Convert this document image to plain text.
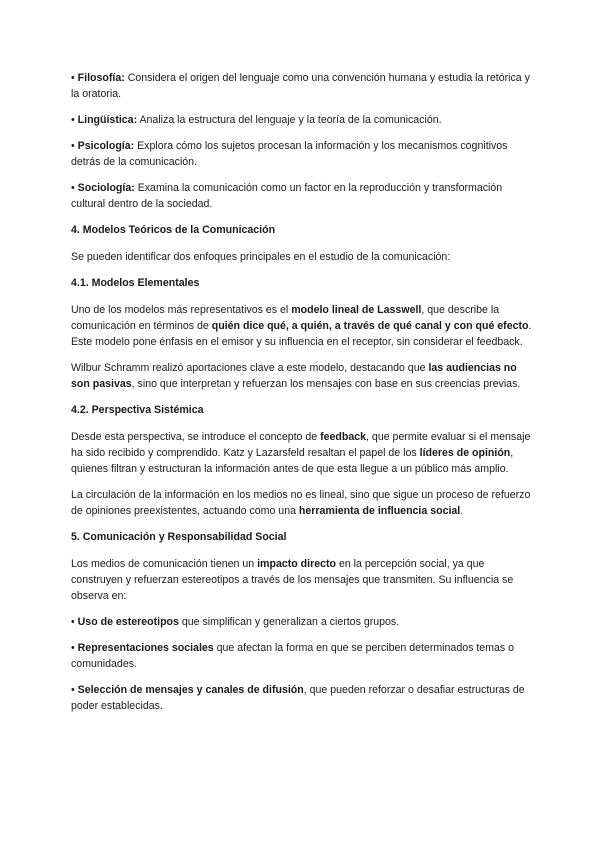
• Filosofía: Considera el origen del lenguaje como una convención humana y estudia la retórica y la oratoria.

• Lingüística: Analiza la estructura del lenguaje y la teoría de la comunicación.

• Psicología: Explora cómo los sujetos procesan la información y los mecanismos cognitivos detrás de la comunicación.

• Sociología: Examina la comunicación como un factor en la reproducción y transformación cultural dentro de la sociedad.

4. Modelos Teóricos de la Comunicación

Se pueden identificar dos enfoques principales en el estudio de la comunicación:

4.1. Modelos Elementales

Uno de los modelos más representativos es el modelo lineal de Lasswell, que describe la comunicación en términos de quién dice qué, a quién, a través de qué canal y con qué efecto. Este modelo pone énfasis en el emisor y su influencia en el receptor, sin considerar el feedback.

Wilbur Schramm realizó aportaciones clave a este modelo, destacando que las audiencias no son pasivas, sino que interpretan y refuerzan los mensajes con base en sus creencias previas.

4.2. Perspectiva Sistémica

Desde esta perspectiva, se introduce el concepto de feedback, que permite evaluar si el mensaje ha sido recibido y comprendido. Katz y Lazarsfeld resaltan el papel de los líderes de opinión, quienes filtran y estructuran la información antes de que esta llegue a un público más amplio.

La circulación de la información en los medios no es lineal, sino que sigue un proceso de refuerzo de opiniones preexistentes, actuando como una herramienta de influencia social.

5. Comunicación y Responsabilidad Social

Los medios de comunicación tienen un impacto directo en la percepción social, ya que construyen y refuerzan estereotipos a través de los mensajes que transmiten. Su influencia se observa en:

• Uso de estereotipos que simplifican y generalizan a ciertos grupos.

• Representaciones sociales que afectan la forma en que se perciben determinados temas o comunidades.

• Selección de mensajes y canales de difusión, que pueden reforzar o desafiar estructuras de poder establecidas.
